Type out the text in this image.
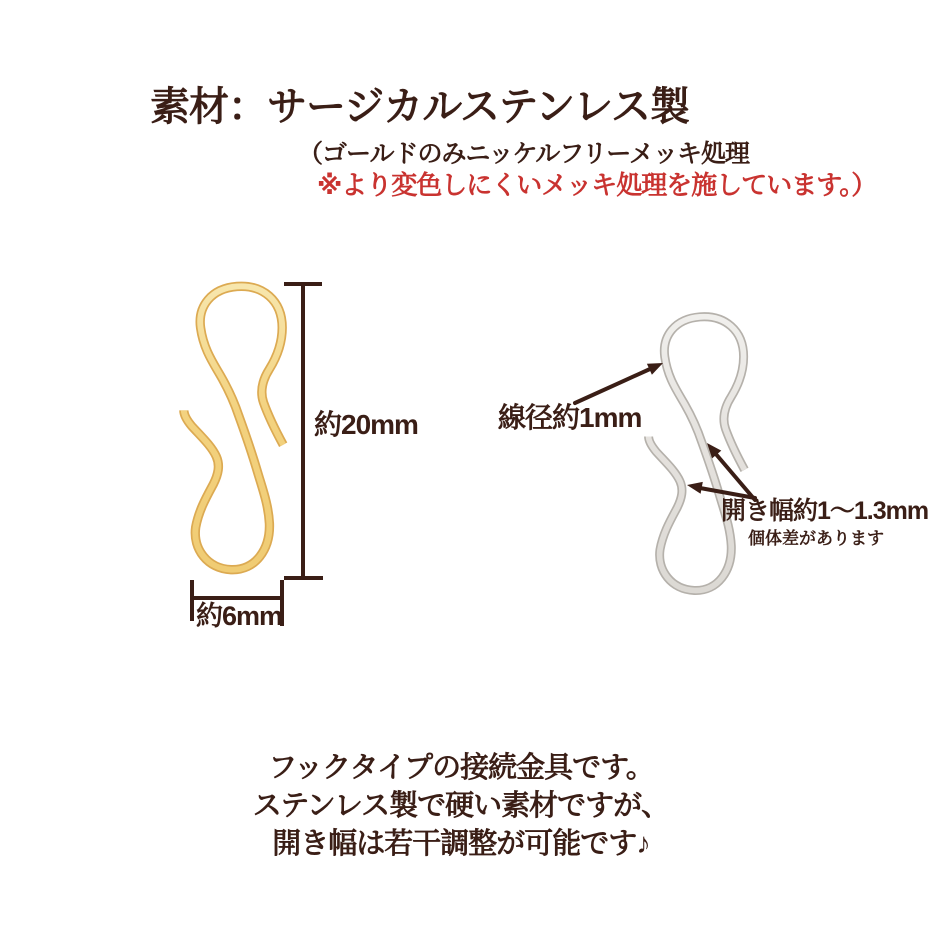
素材：サージカルステンレス製
（ゴールドのみニッケルフリーメッキ処理
※より変色しにくいメッキ処理を施しています。）
約20mm
約6mm
線径約1mm
開き幅約1〜1.3mm
個体差があります
フックタイプの接続金具です。
ステンレス製で硬い素材ですが、
開き幅は若干調整が可能です♪
